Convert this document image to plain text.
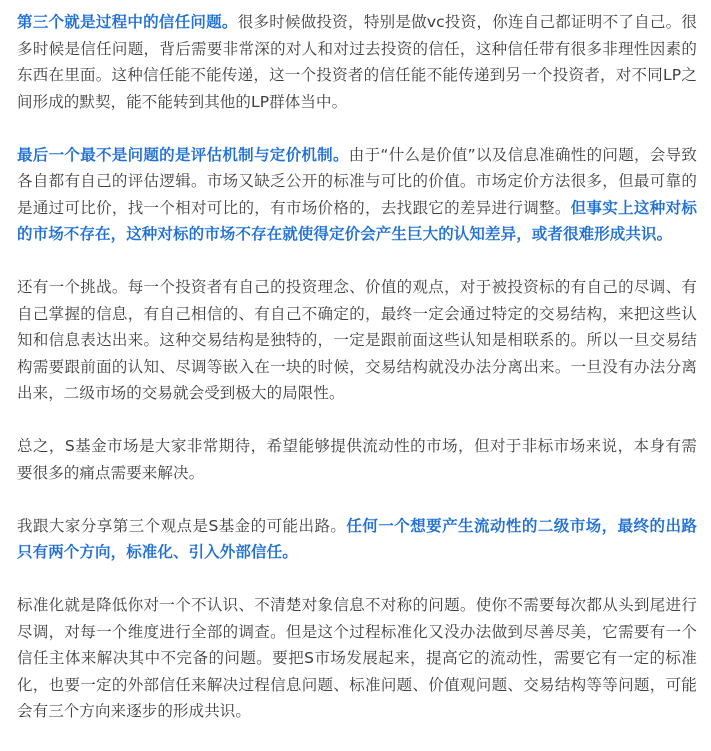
第三个就是过程中的信任问题。很多时候做投资，特别是做vc投资，你连自己都证明不了自己。很多时候是信任问题，背后需要非常深的对人和对过去投资的信任，这种信任带有很多非理性因素的东西在里面。这种信任能不能传递，这一个投资者的信任能不能传递到另一个投资者，对不同LP之间形成的默契，能不能转到其他的LP群体当中。

最后一个最不是问题的是评估机制与定价机制。由于“什么是价值”以及信息准确性的问题，会导致各自都有自己的评估逻辑。市场又缺乏公开的标准与可比的价值。市场定价方法很多，但最可靠的是通过可比价，找一个相对可比的，有市场价格的，去找跟它的差异进行调整。但事实上这种对标的市场不存在，这种对标的市场不存在就使得定价会产生巨大的认知差异，或者很难形成共识。

还有一个挑战。每一个投资者有自己的投资理念、价值的观点，对于被投资标的有自己的尽调、有自己掌握的信息，有自己相信的、有自己不确定的，最终一定会通过特定的交易结构，来把这些认知和信息表达出来。这种交易结构是独特的，一定是跟前面这些认知是相联系的。所以一旦交易结构需要跟前面的认知、尽调等嵌入在一块的时候，交易结构就没办法分离出来。一旦没有办法分离出来，二级市场的交易就会受到极大的局限性。

总之，S基金市场是大家非常期待，希望能够提供流动性的市场，但对于非标市场来说，本身有需要很多的痛点需要来解决。

我跟大家分享第三个观点是S基金的可能出路。任何一个想要产生流动性的二级市场，最终的出路只有两个方向，标准化、引入外部信任。

标准化就是降低你对一个不认识、不清楚对象信息不对称的问题。使你不需要每次都从头到尾进行尽调，对每一个维度进行全部的调查。但是这个过程标准化又没办法做到尽善尽美，它需要有一个信任主体来解决其中不完备的问题。要把S市场发展起来，提高它的流动性，需要它有一定的标准化，也要一定的外部信任来解决过程信息问题、标准问题、价值观问题、交易结构等等问题，可能会有三个方向来逐步的形成共识。
